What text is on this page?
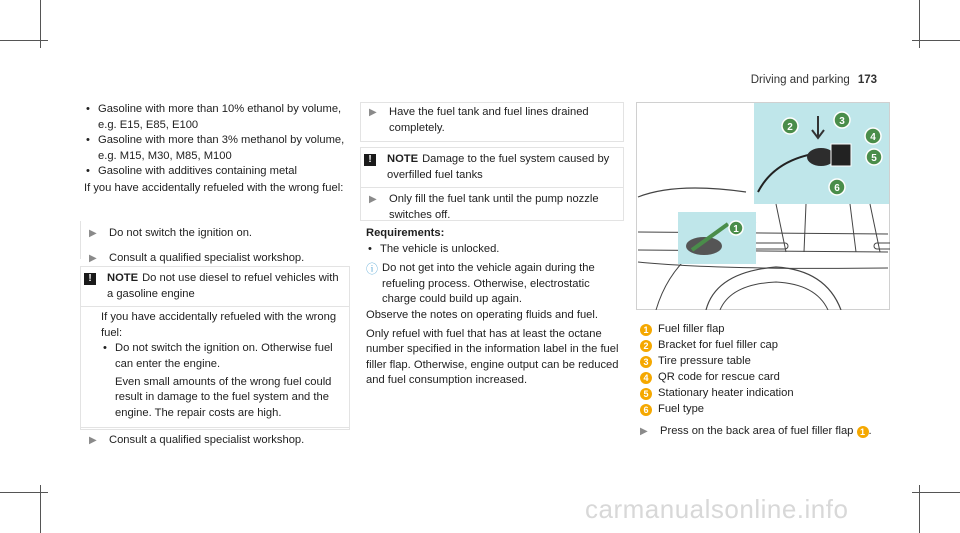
Driving and parking 173
• Gasoline with more than 10% ethanol by volume, e.g. E15, E85, E100
• Gasoline with more than 3% methanol by volume, e.g. M15, M30, M85, M100
• Gasoline with additives containing metal
If you have accidentally refueled with the wrong fuel:
▶ Do not switch the ignition on.
▶ Consult a qualified specialist workshop.
!	NOTE Do not use diesel to refuel vehicles with a gasoline engine
If you have accidentally refueled with the wrong fuel:
• Do not switch the ignition on. Otherwise fuel can enter the engine.
Even small amounts of the wrong fuel could result in damage to the fuel system and the engine. The repair costs are high.
▶ Consult a qualified specialist workshop.
▶ Have the fuel tank and fuel lines drained completely.
!	NOTE Damage to the fuel system caused by overfilled fuel tanks
▶ Only fill the fuel tank until the pump nozzle switches off.
Requirements:
• The vehicle is unlocked.
ⓘ Do not get into the vehicle again during the refueling process. Otherwise, electrostatic charge could build up again.
Observe the notes on operating fluids and fuel.
Only refuel with fuel that has at least the octane number specified in the information label in the fuel filler flap. Otherwise, engine output can be reduced and fuel consumption increased.
1
2
3
4
5
6
1 Fuel filler flap
2 Bracket for fuel filler cap
3 Tire pressure table
4 QR code for rescue card
5 Stationary heater indication
6 Fuel type
▶ Press on the back area of fuel filler flap 1 .
carmanualsonline.info
